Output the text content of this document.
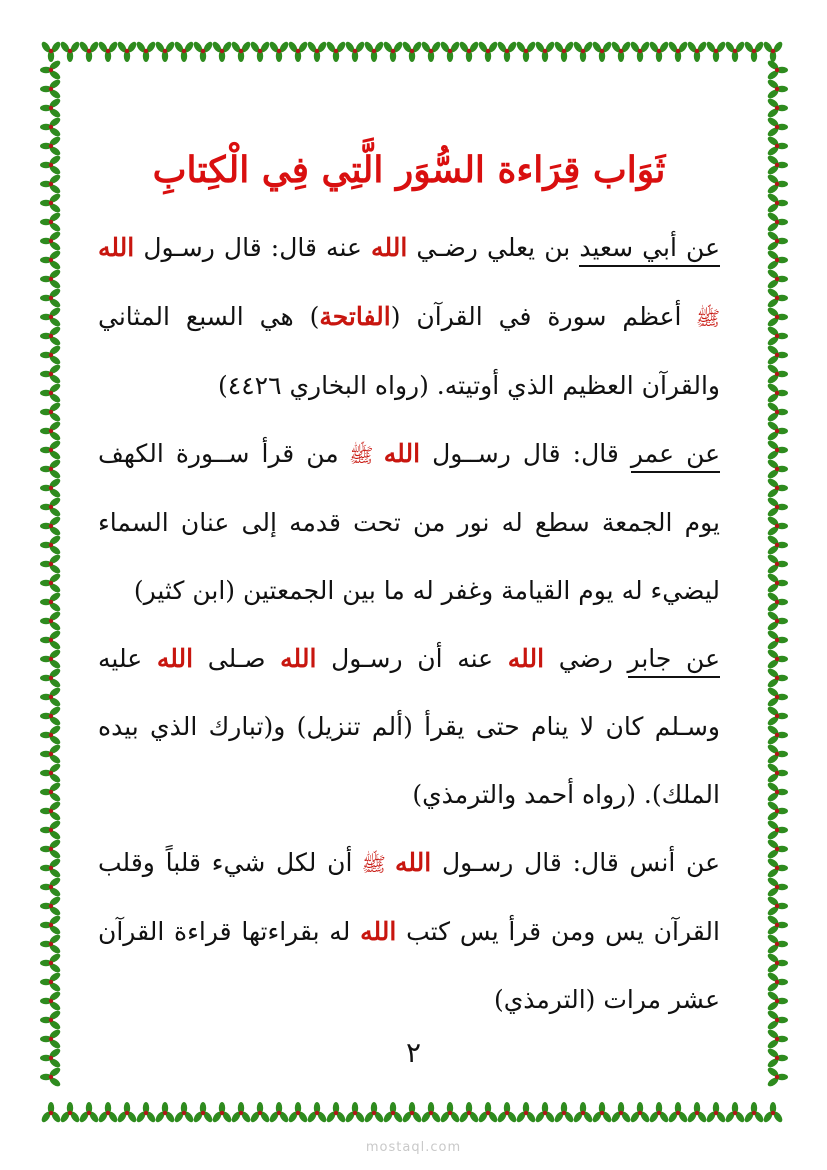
ثَوَاب قِرَاءة السُّوَر الَّتِي فِي الْكِتابِ

عن أبي سعيد بن يعلي رضـي الله عنه قال: قال رسـول الله ﷺ أعظم سورة في القرآن (الفاتحة) هي السبع المثاني والقرآن العظيم الذي أوتيته. (رواه البخاري ٤٤٢٦)

عن عمر قال: قال رســول الله ﷺ من قرأ ســورة الكهف يوم الجمعة سطع له نور من تحت قدمه إلى عنان السماء ليضيء له يوم القيامة وغفر له ما بين الجمعتين (ابن كثير)

عن جابر رضي الله عنه أن رسـول الله صـلى الله عليه وسـلم كان لا ينام حتى يقرأ (ألم تنزيل) و(تبارك الذي بيده الملك). (رواه أحمد والترمذي)

عن أنس قال: قال رسـول الله ﷺ أن لكل شيء قلباً وقلب القرآن يس ومن قرأ يس كتب الله له بقراءتها قراءة القرآن عشر مرات (الترمذي)

٢
mostaql.com
